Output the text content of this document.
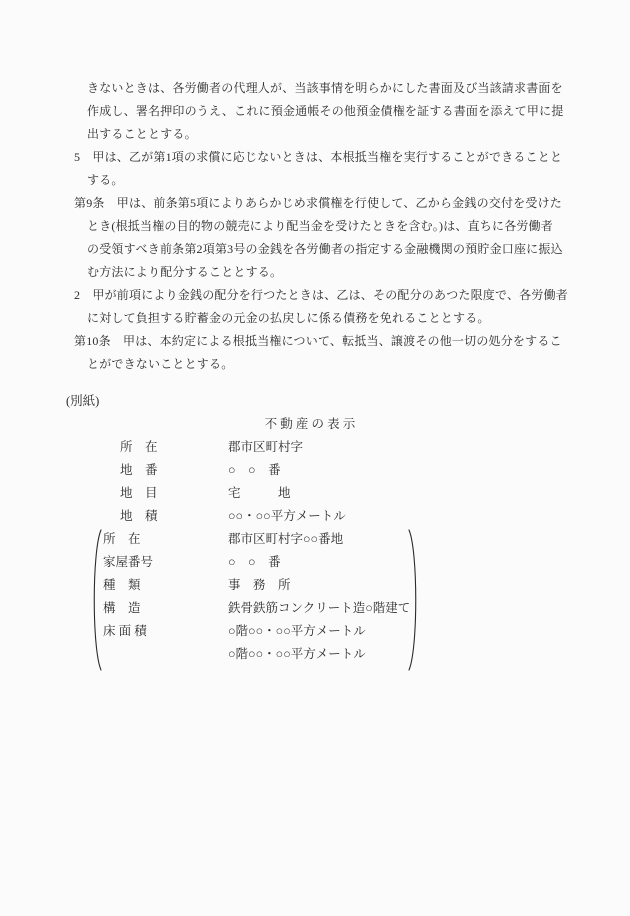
きないときは、各労働者の代理人が、当該事情を明らかにした書面及び当該請求書面を
作成し、署名押印のうえ、これに預金通帳その他預金債権を証する書面を添えて甲に提
出することとする。
5　甲は、乙が第1項の求償に応じないときは、本根抵当権を実行することができることと
する。
第9条　甲は、前条第5項によりあらかじめ求償権を行使して、乙から金銭の交付を受けた
とき(根抵当権の目的物の競売により配当金を受けたときを含む。)は、直ちに各労働者
の受領すべき前条第2項第3号の金銭を各労働者の指定する金融機関の預貯金口座に振込
む方法により配分することとする。
2　甲が前項により金銭の配分を行つたときは、乙は、その配分のあつた限度で、各労働者
に対して負担する貯蓄金の元金の払戻しに係る債務を免れることとする。
第10条　甲は、本約定による根抵当権について、転抵当、譲渡その他一切の処分をするこ
とができないこととする。
(別紙)
不 動 産 の 表 示
所　在	郡市区町村字
地　番	○　○　番
地　目	宅　　　地
地　積	○○・○○平方メートル
所　在	郡市区町村字○○番地
家屋番号	○　○　番
種　類	事　務　所
構　造	鉄骨鉄筋コンクリート造○階建て
床 面 積	○階○○・○○平方メートル
○階○○・○○平方メートル
